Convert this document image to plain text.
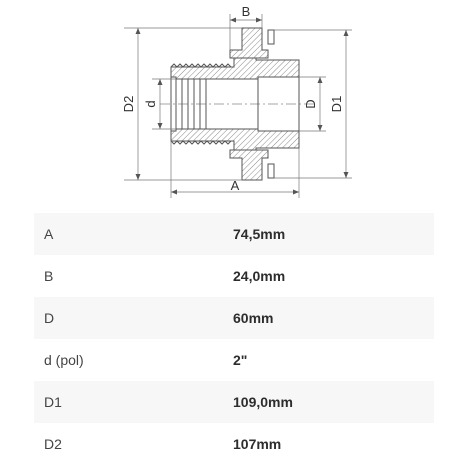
B
A
D2 d	D D1
A	74,5mm
B	24,0mm
D	60mm
d (pol)	2"
D1	109,0mm
D2	107mm
